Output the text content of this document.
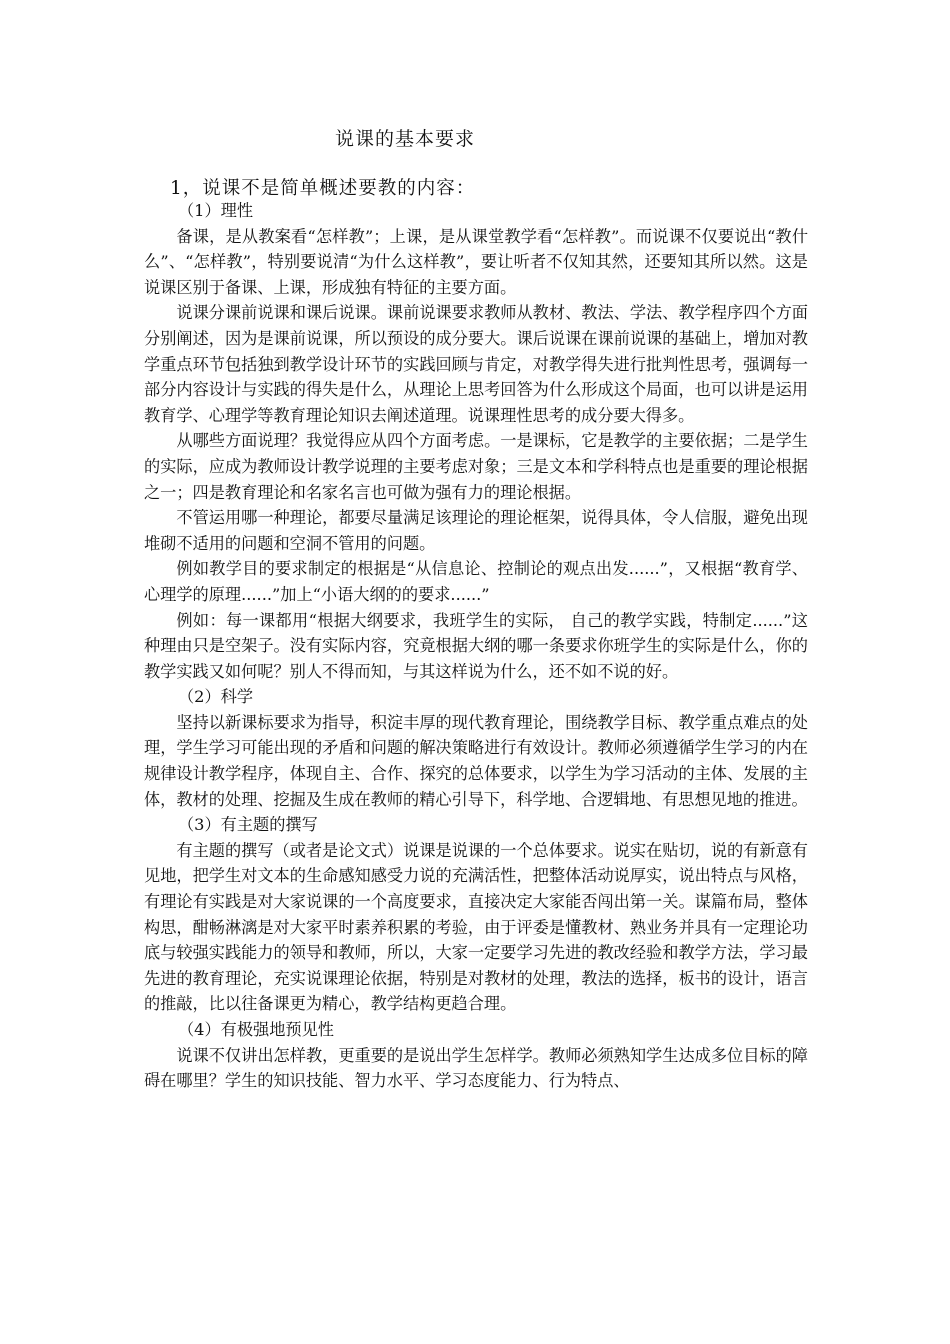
说课的基本要求
1，说课不是简单概述要教的内容：
（1）理性
备课，是从教案看“怎样教”；上课，是从课堂教学看“怎样教”。而说课不仅要说出“教什么”、“怎样教”，特别要说清“为什么这样教”，要让听者不仅知其然，还要知其所以然。这是说课区别于备课、上课，形成独有特征的主要方面。
说课分课前说课和课后说课。课前说课要求教师从教材、教法、学法、教学程序四个方面分别阐述，因为是课前说课，所以预设的成分要大。课后说课在课前说课的基础上，增加对教学重点环节包括独到教学设计环节的实践回顾与肯定，对教学得失进行批判性思考，强调每一部分内容设计与实践的得失是什么，从理论上思考回答为什么形成这个局面，也可以讲是运用教育学、心理学等教育理论知识去阐述道理。说课理性思考的成分要大得多。
从哪些方面说理？我觉得应从四个方面考虑。一是课标，它是教学的主要依据；二是学生的实际，应成为教师设计教学说理的主要考虑对象；三是文本和学科特点也是重要的理论根据之一；四是教育理论和名家名言也可做为强有力的理论根据。
不管运用哪一种理论，都要尽量满足该理论的理论框架，说得具体，令人信服，避免出现堆砌不适用的问题和空洞不管用的问题。
例如教学目的要求制定的根据是“从信息论、控制论的观点出发......”，又根据“教育学、心理学的原理......”加上“小语大纲的的要求......”
例如：每一课都用“根据大纲要求，我班学生的实际， 自己的教学实践，特制定......”这种理由只是空架子。没有实际内容，究竟根据大纲的哪一条要求你班学生的实际是什么，你的教学实践又如何呢？别人不得而知，与其这样说为什么，还不如不说的好。
（2）科学
坚持以新课标要求为指导，积淀丰厚的现代教育理论，围绕教学目标、教学重点难点的处理，学生学习可能出现的矛盾和问题的解决策略进行有效设计。教师必须遵循学生学习的内在规律设计教学程序，体现自主、合作、探究的总体要求，以学生为学习活动的主体、发展的主体，教材的处理、挖掘及生成在教师的精心引导下，科学地、合逻辑地、有思想见地的推进。
（3）有主题的撰写
有主题的撰写（或者是论文式）说课是说课的一个总体要求。说实在贴切，说的有新意有见地，把学生对文本的生命感知感受力说的充满活性，把整体活动说厚实，说出特点与风格，有理论有实践是对大家说课的一个高度要求，直接决定大家能否闯出第一关。谋篇布局，整体构思，酣畅淋漓是对大家平时素养积累的考验，由于评委是懂教材、熟业务并具有一定理论功底与较强实践能力的领导和教师，所以，大家一定要学习先进的教改经验和教学方法，学习最先进的教育理论，充实说课理论依据，特别是对教材的处理，教法的选择，板书的设计，语言的推敲，比以往备课更为精心，教学结构更趋合理。
（4）有极强地预见性
说课不仅讲出怎样教，更重要的是说出学生怎样学。教师必须熟知学生达成多位目标的障碍在哪里？学生的知识技能、智力水平、学习态度能力、行为特点、
